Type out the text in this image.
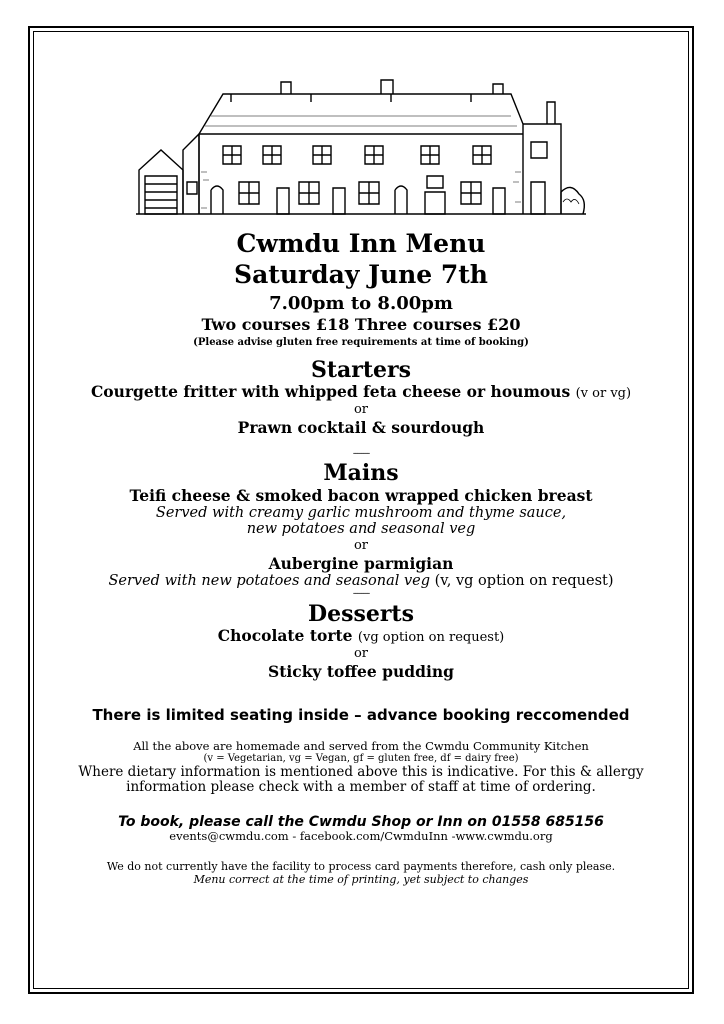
Cwmdu Inn Menu
Saturday June 7th
7.00pm to 8.00pm
Two courses £18 Three courses £20
(Please advise gluten free requirements at time of booking)
Starters
Courgette fritter with whipped feta cheese or houmous (v or vg)
or
Prawn cocktail & sourdough
--------
Mains
Teifi cheese & smoked bacon wrapped chicken breast
Served with creamy garlic mushroom and thyme sauce,
new potatoes and seasonal veg
or
Aubergine parmigian
Served with new potatoes and seasonal veg (v, vg option on request)
--------
Desserts
Chocolate torte (vg option on request)
or
Sticky toffee pudding
There is limited seating inside – advance booking reccomended
All the above are homemade and served from the Cwmdu Community Kitchen
(v = Vegetarian, vg = Vegan, gf = gluten free, df = dairy free)
Where dietary information is mentioned above this is indicative. For this & allergy
information please check with a member of staff at time of ordering.
To book, please call the Cwmdu Shop or Inn on 01558 685156
events@cwmdu.com - facebook.com/CwmduInn -www.cwmdu.org
We do not currently have the facility to process card payments therefore, cash only please.
Menu correct at the time of printing, yet subject to changes
